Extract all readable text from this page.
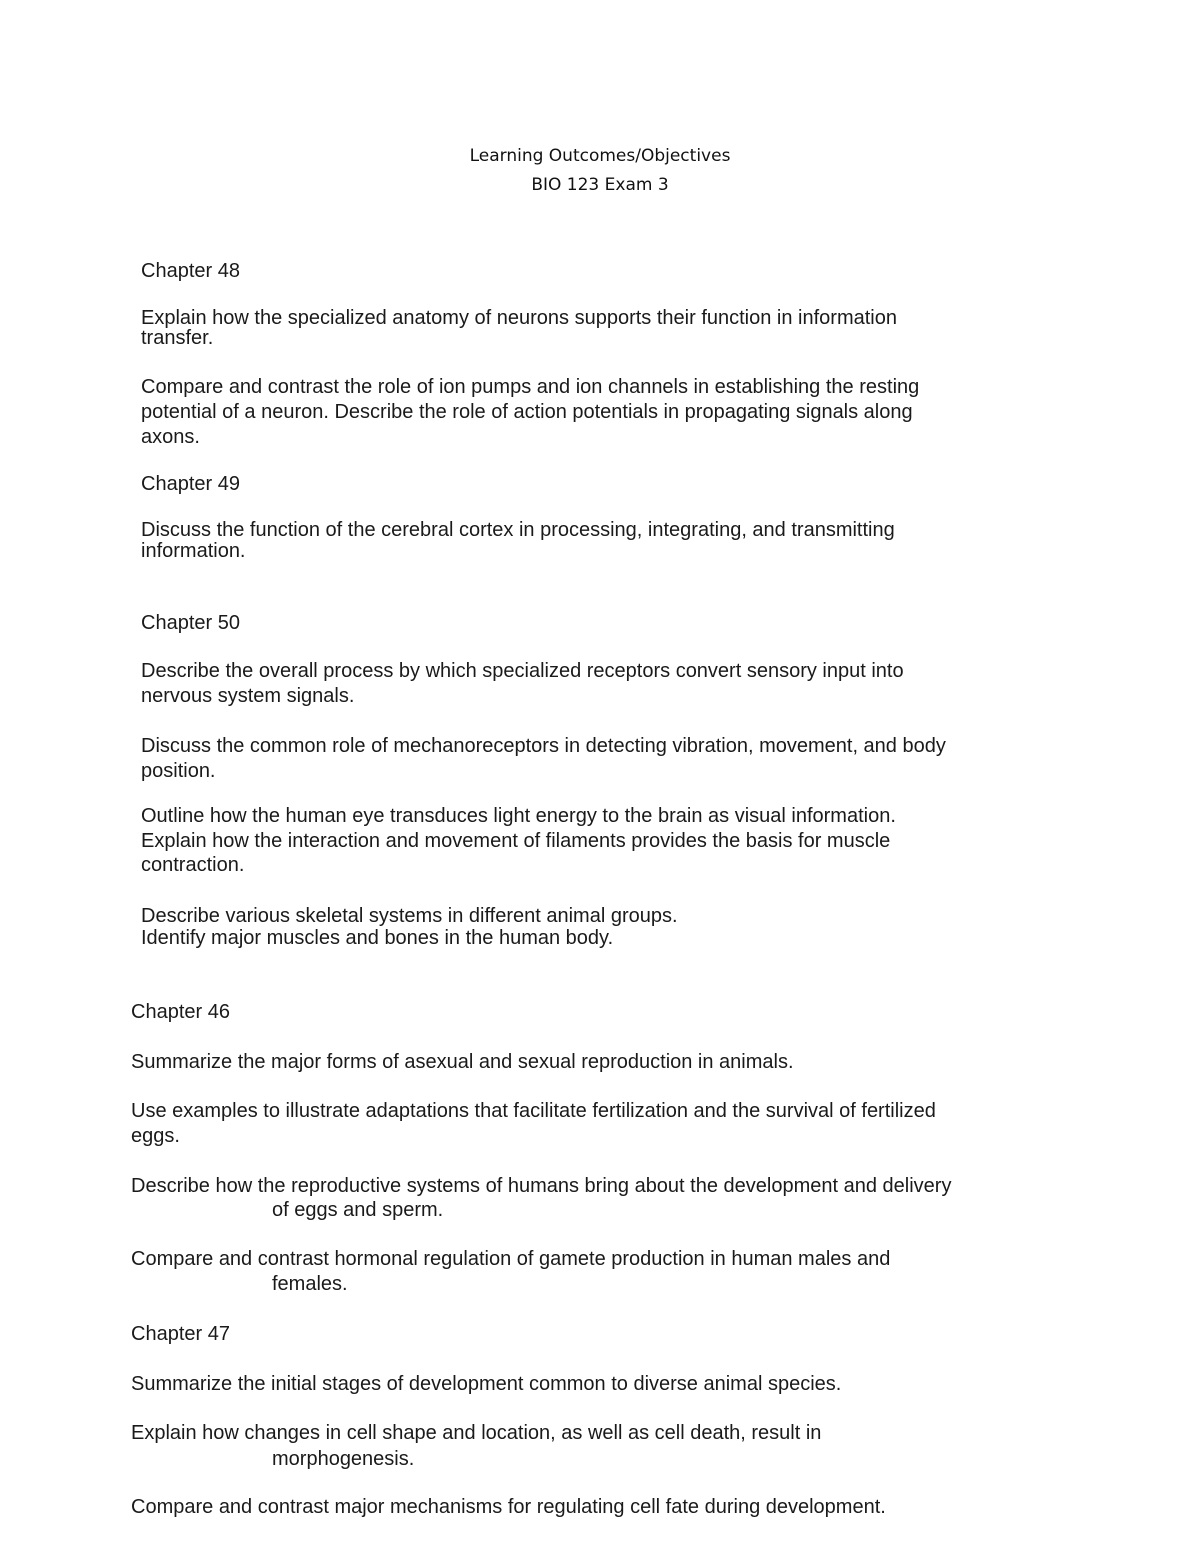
Learning Outcomes/Objectives
BIO 123 Exam 3
Chapter 48
Explain how the specialized anatomy of neurons supports their function in information
transfer.
Compare and contrast the role of ion pumps and ion channels in establishing the resting
potential of a neuron. Describe the role of action potentials in propagating signals along
axons.
Chapter 49
Discuss the function of the cerebral cortex in processing, integrating, and transmitting
information.
Chapter 50
Describe the overall process by which specialized receptors convert sensory input into
nervous system signals.
Discuss the common role of mechanoreceptors in detecting vibration, movement, and body
position.
Outline how the human eye transduces light energy to the brain as visual information.
Explain how the interaction and movement of filaments provides the basis for muscle
contraction.
Describe various skeletal systems in different animal groups.
Identify major muscles and bones in the human body.
Chapter 46
Summarize the major forms of asexual and sexual reproduction in animals.
Use examples to illustrate adaptations that facilitate fertilization and the survival of fertilized
eggs.
Describe how the reproductive systems of humans bring about the development and delivery
of eggs and sperm.
Compare and contrast hormonal regulation of gamete production in human males and
females.
Chapter 47
Summarize the initial stages of development common to diverse animal species.
Explain how changes in cell shape and location, as well as cell death, result in
morphogenesis.
Compare and contrast major mechanisms for regulating cell fate during development.
